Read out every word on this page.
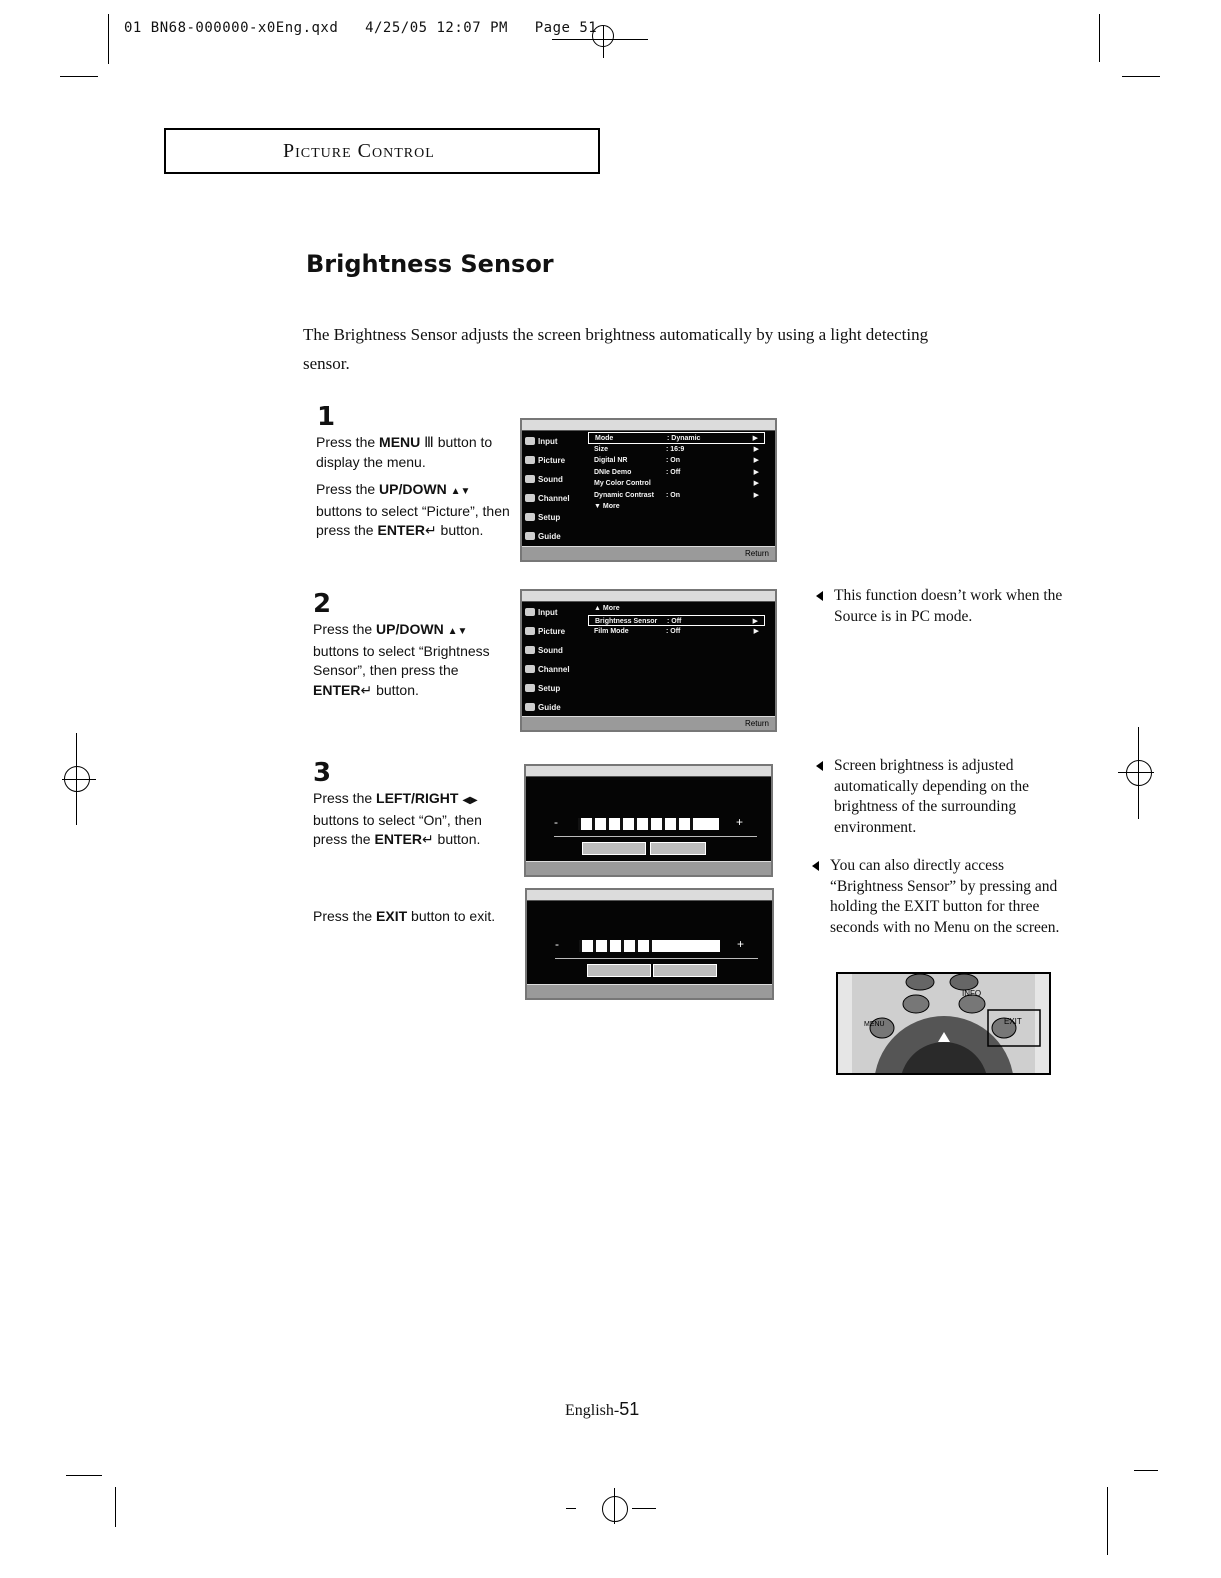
01 BN68-000000-x0Eng.qxd   4/25/05 12:07 PM   Page 51
Picture Control
Brightness Sensor
The Brightness Sensor adjusts the screen brightness automatically by using a light detecting sensor.
1

Press the MENU Ⅲ button to display the menu.

Press the UP/DOWN ▲▼ buttons to select “Picture”, then press the ENTER↵ button.

Input
Picture
Sound
Channel
Setup
Guide
Mode	: Dynamic	▶
Size	: 16:9	▶
Digital NR	: On	▶
DNIe Demo	: Off	▶
My Color Control	▶
Dynamic Contrast : On	▶
▼ More
Return
2

Press the UP/DOWN ▲▼ buttons to select “Brightness Sensor”, then press the ENTER↵ button.

Input
Picture
Sound
Channel
Setup
Guide
▲ More
Brightness Sensor : Off	▶
Film Mode	: Off	▶
Return
This function doesn’t work when the Source is in PC mode.
3

Press the LEFT/RIGHT ◀▶ buttons to select “On”, then press the ENTER↵ button.

Press the EXIT button to exit.

-	+
-	+
Screen brightness is adjusted automatically depending on the brightness of the surrounding environment.
You can also directly access “Brightness Sensor” by pressing and holding the EXIT button for three seconds with no Menu on the screen.
INFO
EXIT
MENU
English-51
